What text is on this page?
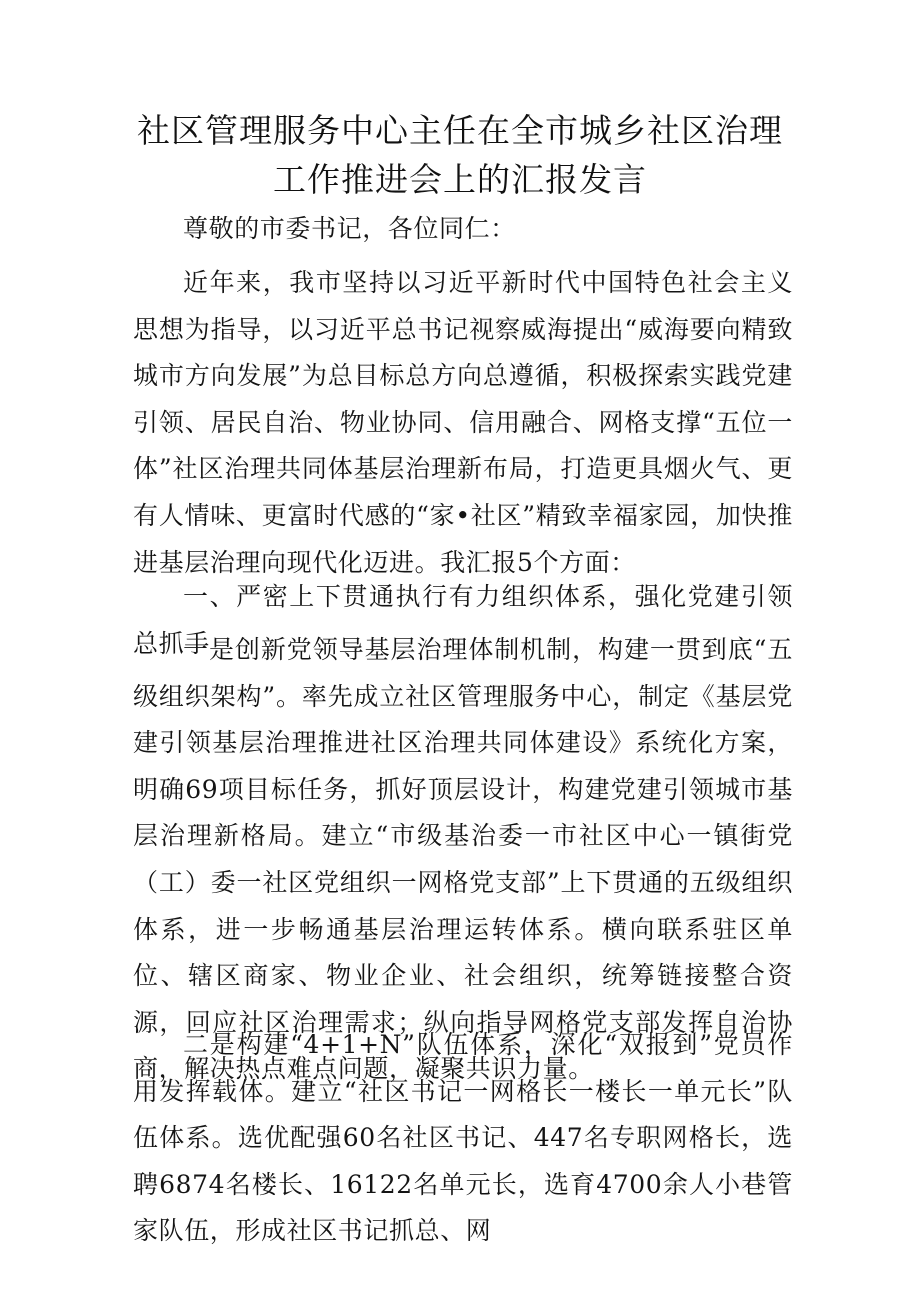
社区管理服务中心主任在全市城乡社区治理
工作推进会上的汇报发言

尊敬的市委书记，各位同仁：

近年来，我市坚持以习近平新时代中国特色社会主义思想为指导，以习近平总书记视察威海提出“威海要向精致城市方向发展”为总目标总方向总遵循，积极探索实践党建引领、居民自治、物业协同、信用融合、网格支撑“五位一体”社区治理共同体基层治理新布局，打造更具烟火气、更有人情味、更富时代感的“家•社区”精致幸福家园，加快推进基层治理向现代化迈进。我汇报5个方面：

一、严密上下贯通执行有力组织体系，强化党建引领总抓手

一是创新党领导基层治理体制机制，构建一贯到底“五级组织架构”。率先成立社区管理服务中心，制定《基层党建引领基层治理推进社区治理共同体建设》系统化方案，明确69项目标任务，抓好顶层设计，构建党建引领城市基层治理新格局。建立“市级基治委一市社区中心一镇街党（工）委一社区党组织一网格党支部”上下贯通的五级组织体系，进一步畅通基层治理运转体系。横向联系驻区单位、辖区商家、物业企业、社会组织，统筹链接整合资源，回应社区治理需求；纵向指导网格党支部发挥自治协商，解决热点难点问题，凝聚共识力量。

二是构建“4+1+N”队伍体系，深化“双报到”党员作用发挥载体。建立“社区书记一网格长一楼长一单元长”队伍体系。选优配强60名社区书记、447名专职网格长，选聘6874名楼长、16122名单元长，选育4700余人小巷管家队伍，形成社区书记抓总、网
